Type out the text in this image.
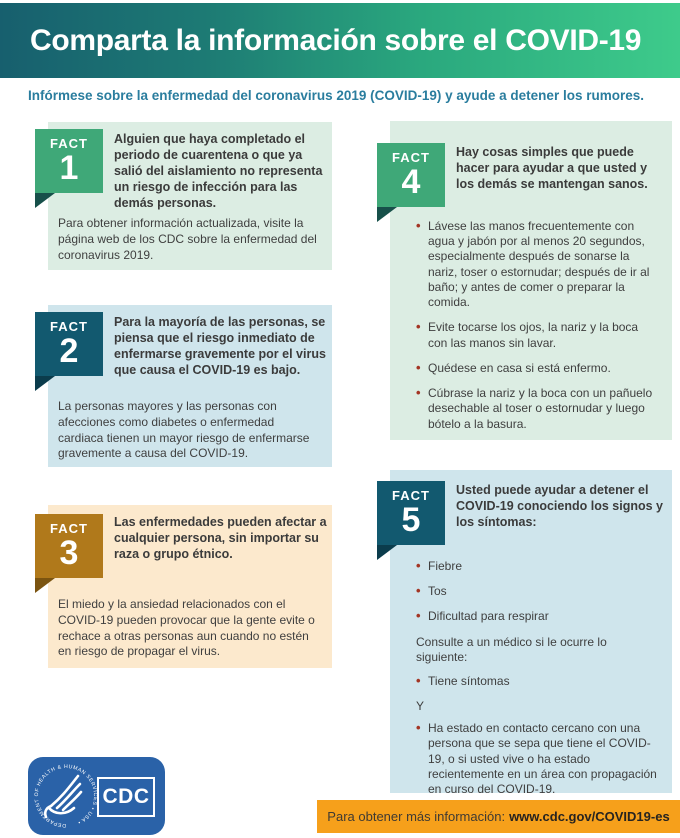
Comparta la información sobre el COVID-19
Infórmese sobre la enfermedad del coronavirus 2019 (COVID-19) y ayude a detener los rumores.
FACT
1
Alguien que haya completado el periodo de cuarentena o que ya salió del aislamiento no representa un riesgo de infección para las demás personas.
Para obtener información actualizada, visite la página web de los CDC sobre la enfermedad del coronavirus 2019.
FACT
2
Para la mayoría de las personas, se piensa que el riesgo inmediato de enfermarse gravemente por el virus que causa el COVID-19 es bajo.
La personas mayores y las personas con afecciones como diabetes o enfermedad cardiaca tienen un mayor riesgo de enfermarse gravemente a causa del COVID-19.
FACT
3
Las enfermedades pueden afectar a cualquier persona, sin importar su raza o grupo étnico.
El miedo y la ansiedad relacionados con el COVID-19 pueden provocar que la gente evite o rechace a otras personas aun cuando no estén en riesgo de propagar el virus.
FACT
4
Hay cosas simples que puede hacer para ayudar a que usted y los demás se mantengan sanos.
• Lávese las manos frecuentemente con agua y jabón por al menos 20 segundos, especialmente después de sonarse la nariz, toser o estornudar; después de ir al baño; y antes de comer o preparar la comida.
• Evite tocarse los ojos, la nariz y la boca con las manos sin lavar.
• Quédese en casa si está enfermo.
• Cúbrase la nariz y la boca con un pañuelo desechable al toser o estornudar y luego bótelo a la basura.
FACT
5
Usted puede ayudar a detener el COVID-19 conociendo los signos y los síntomas:
• Fiebre
• Tos
• Dificultad para respirar
Consulte a un médico si le ocurre lo siguiente:
• Tiene síntomas
Y
• Ha estado en contacto cercano con una persona que se sepa que tiene el COVID-19, o si usted vive o ha estado recientemente en un área con propagación en curso del COVID-19.
DEPARTMENT OF HEALTH & HUMAN SERVICES • USA •
CDC
Para obtener más información: www.cdc.gov/COVID19-es
